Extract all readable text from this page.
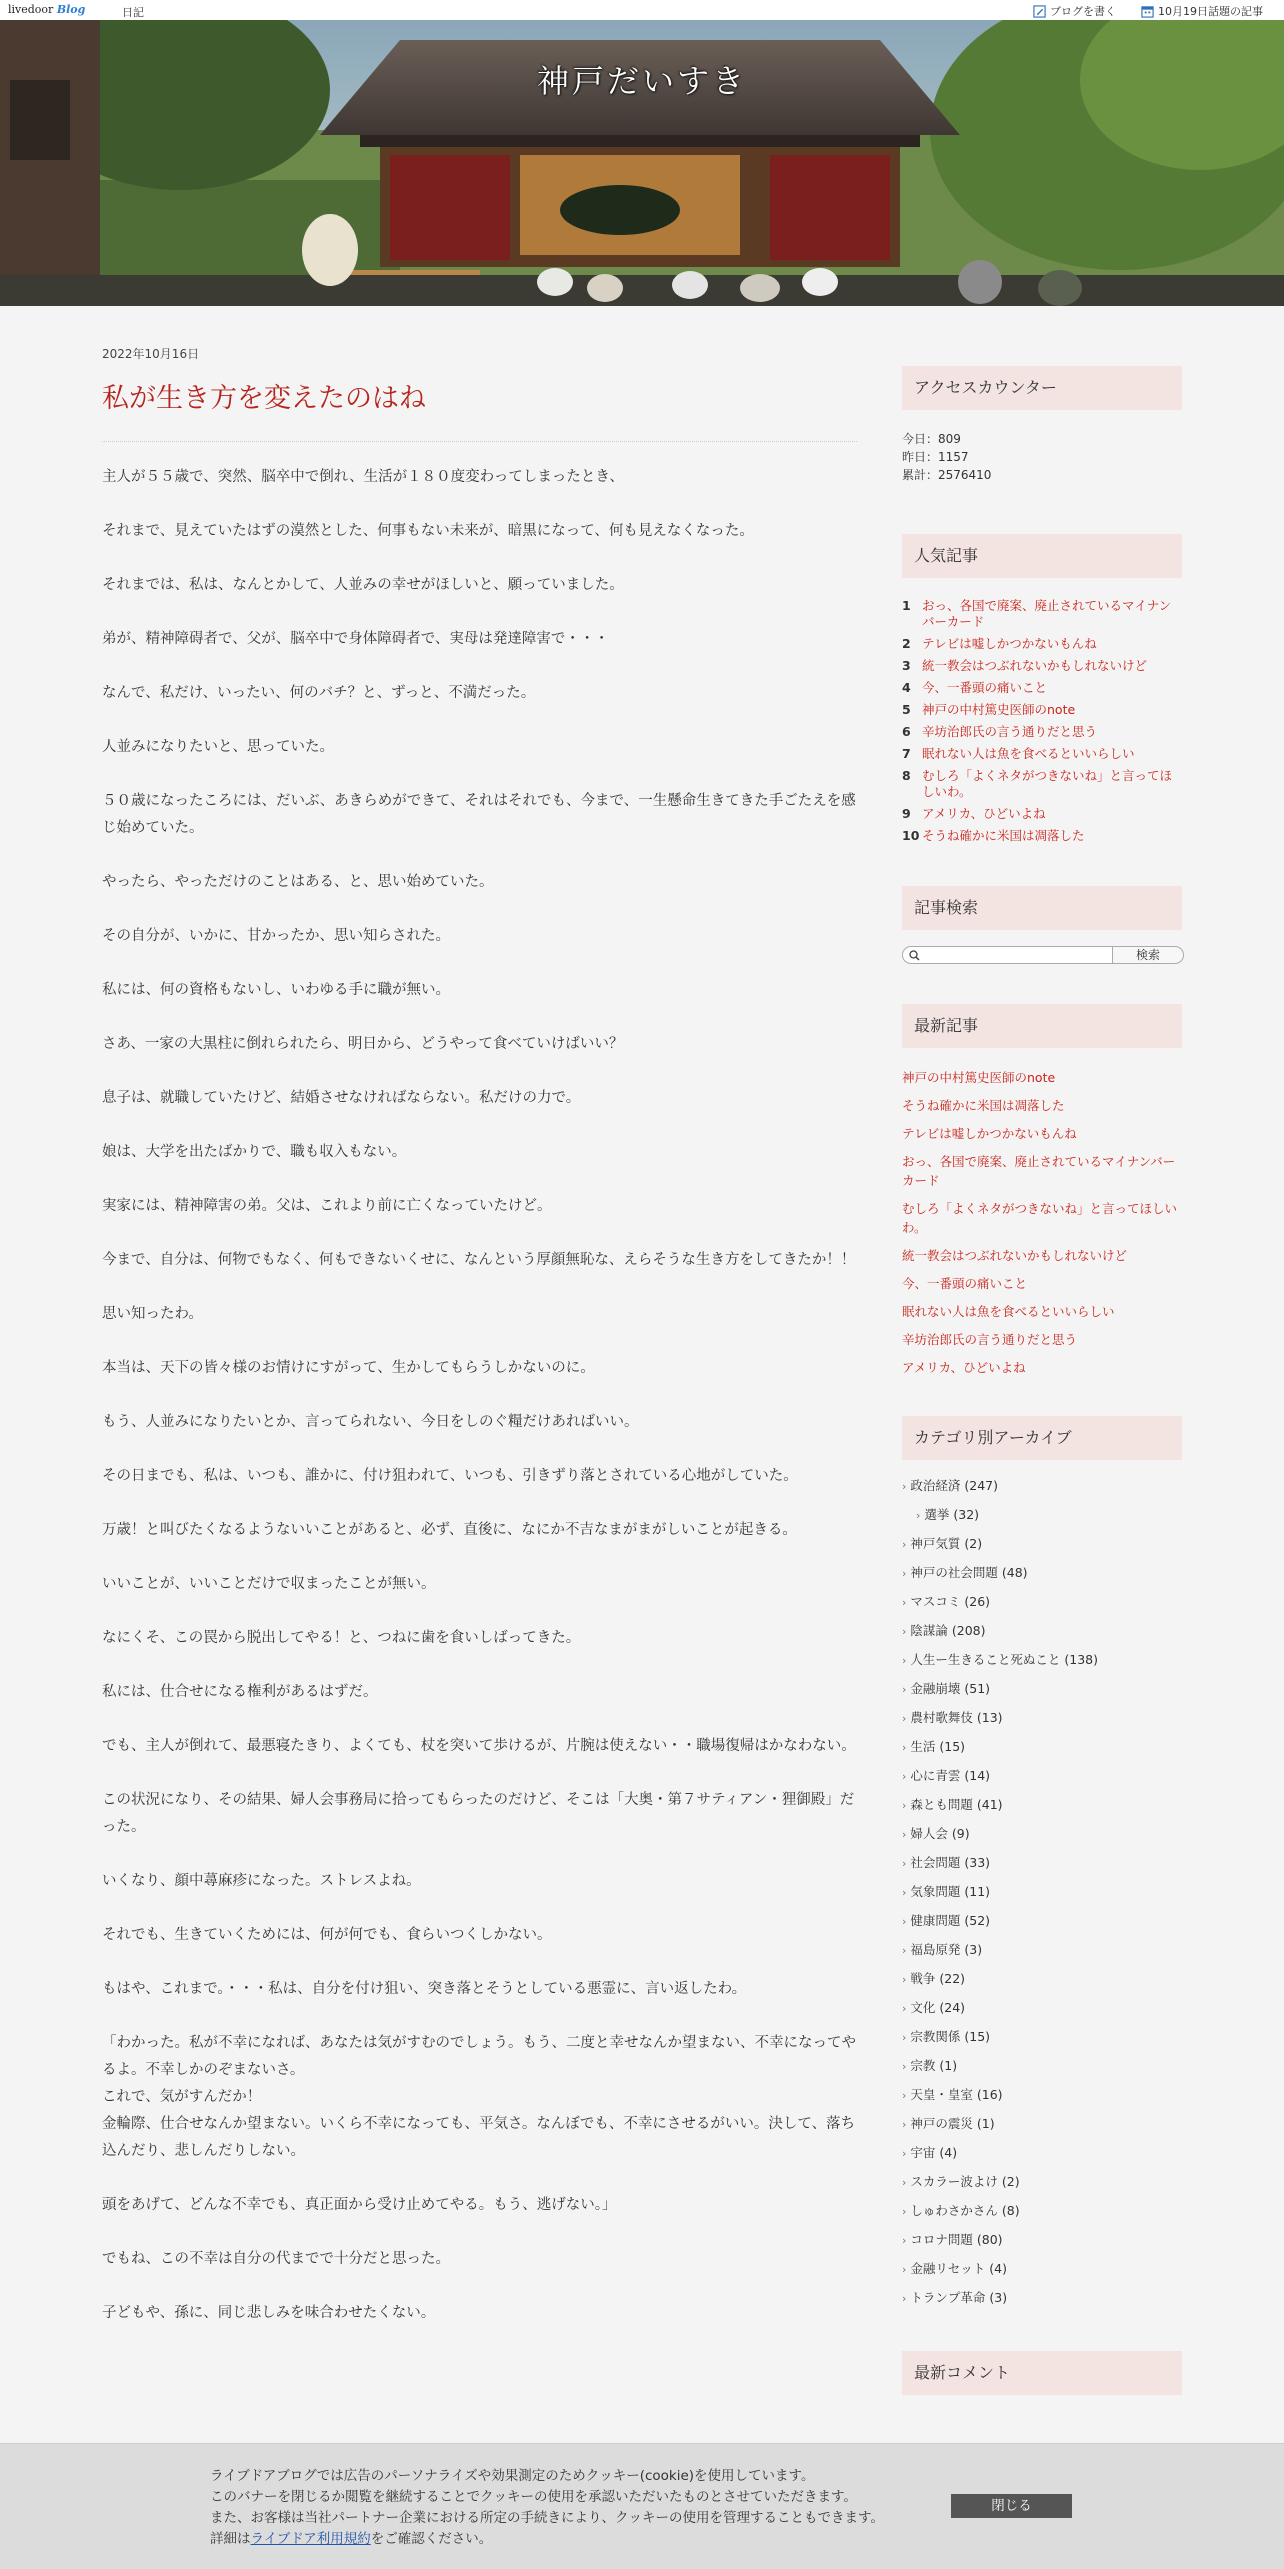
livedoor Blog	日記	ブログを書く	10月19日話題の記事
神戸だいすき
2022年10月16日
私が生き方を変えたのはね

主人が５５歳で、突然、脳卒中で倒れ、生活が１８０度変わってしまったとき、

それまで、見えていたはずの漠然とした、何事もない未来が、暗黒になって、何も見えなくなった。

それまでは、私は、なんとかして、人並みの幸せがほしいと、願っていました。

弟が、精神障碍者で、父が、脳卒中で身体障碍者で、実母は発達障害で・・・

なんで、私だけ、いったい、何のバチ？と、ずっと、不満だった。

人並みになりたいと、思っていた。

５０歳になったころには、だいぶ、あきらめができて、それはそれでも、今まで、一生懸命生きてきた手ごたえを感じ始めていた。

やったら、やっただけのことはある、と、思い始めていた。

その自分が、いかに、甘かったか、思い知らされた。

私には、何の資格もないし、いわゆる手に職が無い。

さあ、一家の大黒柱に倒れられたら、明日から、どうやって食べていけばいい？

息子は、就職していたけど、結婚させなければならない。私だけの力で。

娘は、大学を出たばかりで、職も収入もない。

実家には、精神障害の弟。父は、これより前に亡くなっていたけど。

今まで、自分は、何物でもなく、何もできないくせに、なんという厚顔無恥な、えらそうな生き方をしてきたか！！

思い知ったわ。

本当は、天下の皆々様のお情けにすがって、生かしてもらうしかないのに。

もう、人並みになりたいとか、言ってられない、今日をしのぐ糧だけあればいい。

その日までも、私は、いつも、誰かに、付け狙われて、いつも、引きずり落とされている心地がしていた。

万歳！と叫びたくなるようないいことがあると、必ず、直後に、なにか不吉なまがまがしいことが起きる。

いいことが、いいことだけで収まったことが無い。

なにくそ、この罠から脱出してやる！と、つねに歯を食いしばってきた。

私には、仕合せになる権利があるはずだ。

でも、主人が倒れて、最悪寝たきり、よくても、杖を突いて歩けるが、片腕は使えない・・職場復帰はかなわない。

この状況になり、その結果、婦人会事務局に拾ってもらったのだけど、そこは「大奥・第７サティアン・狸御殿」だった。

いくなり、顔中蕁麻疹になった。ストレスよね。

それでも、生きていくためには、何が何でも、食らいつくしかない。

もはや、これまで。・・・私は、自分を付け狙い、突き落とそうとしている悪霊に、言い返したわ。

「わかった。私が不幸になれば、あなたは気がすむのでしょう。もう、二度と幸せなんか望まない、不幸になってやるよ。不幸しかのぞまないさ。
これで、気がすんだか！
金輪際、仕合せなんか望まない。いくら不幸になっても、平気さ。なんぼでも、不幸にさせるがいい。決して、落ち込んだり、悲しんだりしない。

頭をあげて、どんな不幸でも、真正面から受け止めてやる。もう、逃げない。」

でもね、この不幸は自分の代までで十分だと思った。

子どもや、孫に、同じ悲しみを味合わせたくない。

アクセスカウンター
今日：809
昨日：1157
累計：2576410
人気記事
1 おっ、各国で廃案、廃止されているマイナンバーカード
2 テレビは嘘しかつかないもんね
3 統一教会はつぶれないかもしれないけど
4 今、一番頭の痛いこと
5 神戸の中村篤史医師のnote
6 辛坊治郎氏の言う通りだと思う
7 眠れない人は魚を食べるといいらしい
8 むしろ「よくネタがつきないね」と言ってほしいわ。
9 アメリカ、ひどいよね
10 そうね確かに米国は凋落した
記事検索
検索
最新記事
神戸の中村篤史医師のnote
そうね確かに米国は凋落した
テレビは嘘しかつかないもんね
おっ、各国で廃案、廃止されているマイナンバーカード
むしろ「よくネタがつきないね」と言ってほしいわ。
統一教会はつぶれないかもしれないけど
今、一番頭の痛いこと
眠れない人は魚を食べるといいらしい
辛坊治郎氏の言う通りだと思う
アメリカ、ひどいよね
カテゴリ別アーカイブ
› 政治経済 (247)
› 選挙 (32)
› 神戸気質 (2)
› 神戸の社会問題 (48)
› マスコミ (26)
› 陰謀論 (208)
› 人生ー生きること死ぬこと (138)
› 金融崩壊 (51)
› 農村歌舞伎 (13)
› 生活 (15)
› 心に青雲 (14)
› 森とも問題 (41)
› 婦人会 (9)
› 社会問題 (33)
› 気象問題 (11)
› 健康問題 (52)
› 福島原発 (3)
› 戦争 (22)
› 文化 (24)
› 宗教関係 (15)
› 宗教 (1)
› 天皇・皇室 (16)
› 神戸の震災 (1)
› 宇宙 (4)
› スカラー波よけ (2)
› しゅわさかさん (8)
› コロナ問題 (80)
› 金融リセット (4)
› トランプ革命 (3)
最新コメント
ライブドアブログでは広告のパーソナライズや効果測定のためクッキー(cookie)を使用しています。
このバナーを閉じるか閲覧を継続することでクッキーの使用を承認いただいたものとさせていただきます。
また、お客様は当社パートナー企業における所定の手続きにより、クッキーの使用を管理することもできます。
詳細はライブドア利用規約をご確認ください。
閉じる
